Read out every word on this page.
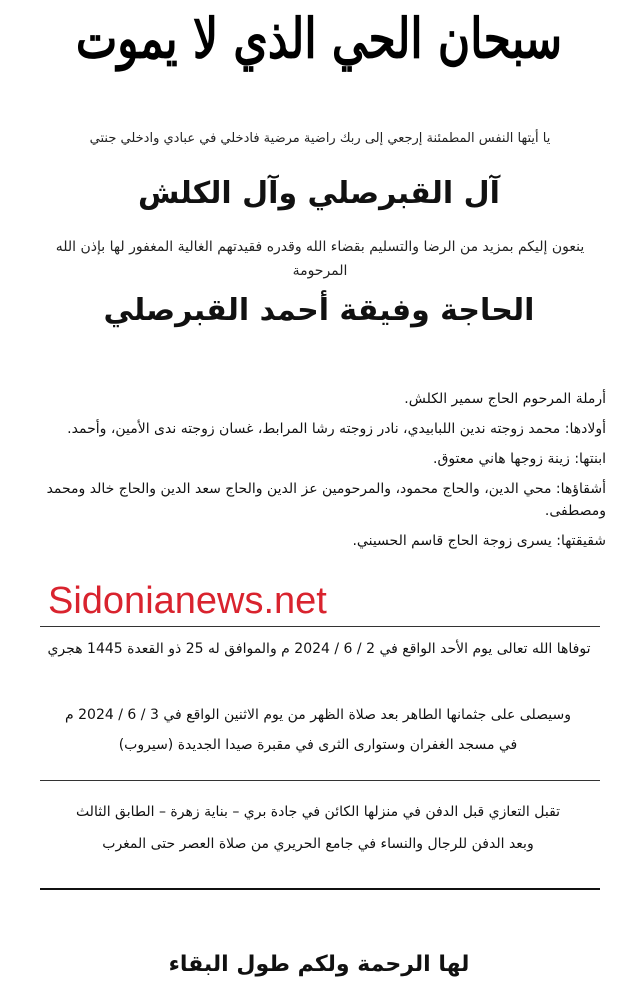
سبحان الحي الذي لا يموت
يا أيتها النفس المطمئنة إرجعي إلى ربك راضية مرضية فادخلي في عبادي وادخلي جنتي
آل القبرصلي وآل الكلش
ينعون إليكم بمزيد من الرضا والتسليم بقضاء الله وقدره فقيدتهم الغالية المغفور لها بإذن الله المرحومة
الحاجة وفيقة أحمد القبرصلي

أرملة المرحوم الحاج سمير الكلش.

أولادها: محمد زوجته ندين اللبابيدي، نادر زوجته رشا المرابط، غسان زوجته ندى الأمين، وأحمد.

ابنتها: زينة زوجها هاني معتوق.

أشقاؤها: محي الدين، والحاج محمود، والمرحومين عز الدين والحاج سعد الدين والحاج خالد ومحمد ومصطفى.

شقيقتها: يسرى زوجة الحاج قاسم الحسيني.

Sidonianews.net
توفاها الله تعالى يوم الأحد الواقع في 2 / 6 / 2024 م والموافق له 25 ذو القعدة 1445 هجري
وسيصلى على جثمانها الطاهر بعد صلاة الظهر من يوم الاثنين الواقع في 3 / 6 / 2024 م
في مسجد الغفران وستوارى الثرى في مقبرة صيدا الجديدة (سيروب)
تقبل التعازي قبل الدفن في منزلها الكائن في جادة بري – بناية زهرة – الطابق الثالث
وبعد الدفن للرجال والنساء في جامع الحريري من صلاة العصر حتى المغرب
لها الرحمة ولكم طول البقاء
